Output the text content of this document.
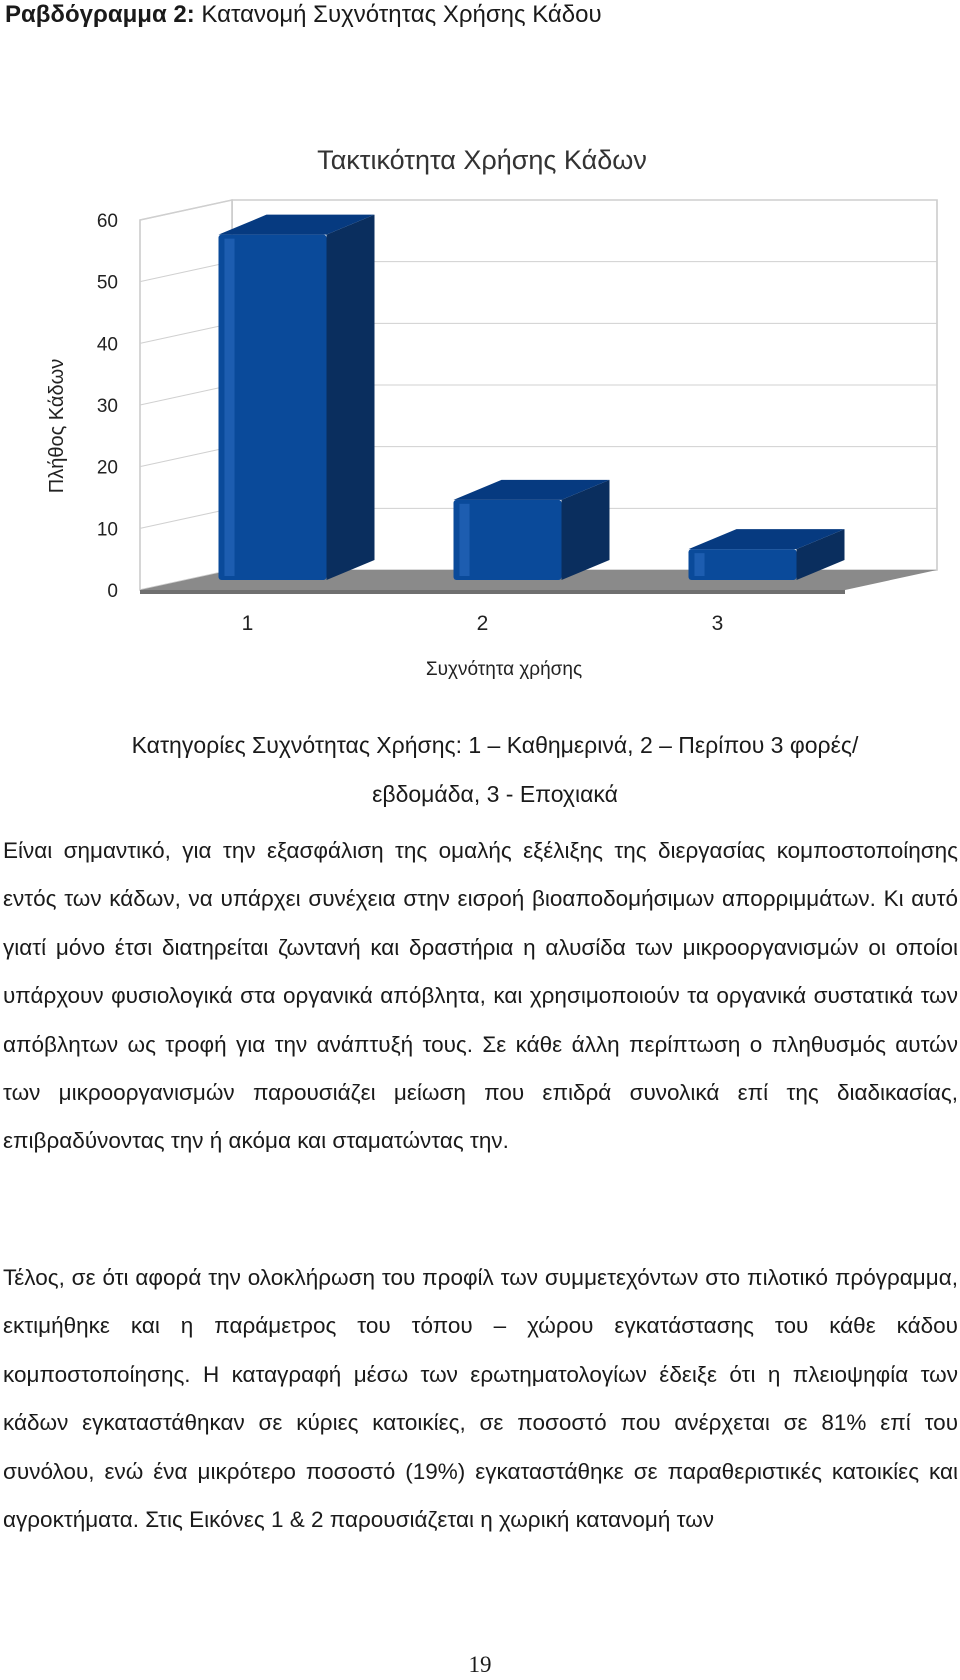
Ραβδόγραμμα 2: Κατανομή Συχνότητας Χρήσης Κάδου
Τακτικότητα Χρήσης Κάδων
0
10
20
30
40
50
60
1	2	3
Πλήθος Κάδων
Συχνότητα χρήσης
Κατηγορίες Συχνότητας Χρήσης: 1 – Καθημερινά, 2 – Περίπου 3 φορές/
εβδομάδα, 3 - Εποχιακά

Είναι σημαντικό, για την εξασφάλιση της ομαλής εξέλιξης της διεργασίας κομποστοποίησης εντός των κάδων, να υπάρχει συνέχεια στην εισροή βιοαποδομήσιμων απορριμμάτων. Κι αυτό γιατί μόνο έτσι διατηρείται ζωντανή και δραστήρια η αλυσίδα των μικροοργανισμών οι οποίοι υπάρχουν φυσιολογικά στα οργανικά απόβλητα, και χρησιμοποιούν τα οργανικά συστατικά των απόβλητων ως τροφή για την ανάπτυξή τους. Σε κάθε άλλη περίπτωση ο πληθυσμός αυτών των μικροοργανισμών παρουσιάζει μείωση που επιδρά συνολικά επί της διαδικασίας, επιβραδύνοντας την ή ακόμα και σταματώντας την.

Τέλος, σε ότι αφορά την ολοκλήρωση του προφίλ των συμμετεχόντων στο πιλοτικό πρόγραμμα, εκτιμήθηκε και η παράμετρος του τόπου – χώρου εγκατάστασης του κάθε κάδου κομποστοποίησης. Η καταγραφή μέσω των ερωτηματολογίων έδειξε ότι η πλειοψηφία των κάδων εγκαταστάθηκαν σε κύριες κατοικίες, σε ποσοστό που ανέρχεται σε 81% επί του συνόλου, ενώ ένα μικρότερο ποσοστό (19%) εγκαταστάθηκε σε παραθεριστικές κατοικίες και αγροκτήματα. Στις Εικόνες 1 & 2 παρουσιάζεται η χωρική κατανομή των

19
